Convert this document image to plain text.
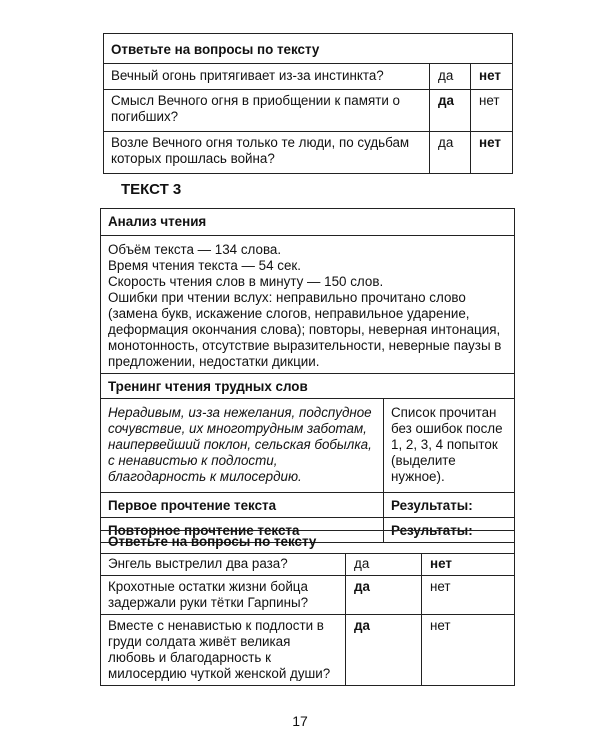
Ответьте на вопросы по тексту		
Вечный огонь притягивает из-за инстинкта?	да	нет
Смысл Вечного огня в приобщении к памяти о погибших?	да	нет
Возле Вечного огня только те люди, по судьбам которых прошлась война?	да	нет
ТЕКСТ 3
Анализ чтения	

Объём текста — 134 слова.
Время чтения текста — 54 сек.
Скорость чтения слов в минуту — 150 слов.
Ошибки при чтении вслух: неправильно прочитано слово (замена букв, искажение слогов, неправильное ударение, деформация окончания слова); повторы, неверная интонация, монотонность, отсутствие выразительности, неверные паузы в предложении, недостатки дикции.	

Тренинг чтения трудных слов	
Нерадивым, из-за нежелания, подспудное сочувствие, их многотрудным заботам, наипервейший поклон, сельская бобылка, с ненавистью к подлости, благодарность к милосердию.	Список прочитан без ошибок после 1, 2, 3, 4 попыток (выделите нужное).
Первое прочтение текста	Результаты:
Повторное прочтение текста	Результаты:
Ответьте на вопросы по тексту		
Энгель выстрелил два раза?	да	нет
Крохотные остатки жизни бойца задержали руки тётки Гарпины?	да	нет
Вместе с ненавистью к подлости в груди солдата живёт великая любовь и благодарность к милосердию чуткой женской души?	да	нет
17
